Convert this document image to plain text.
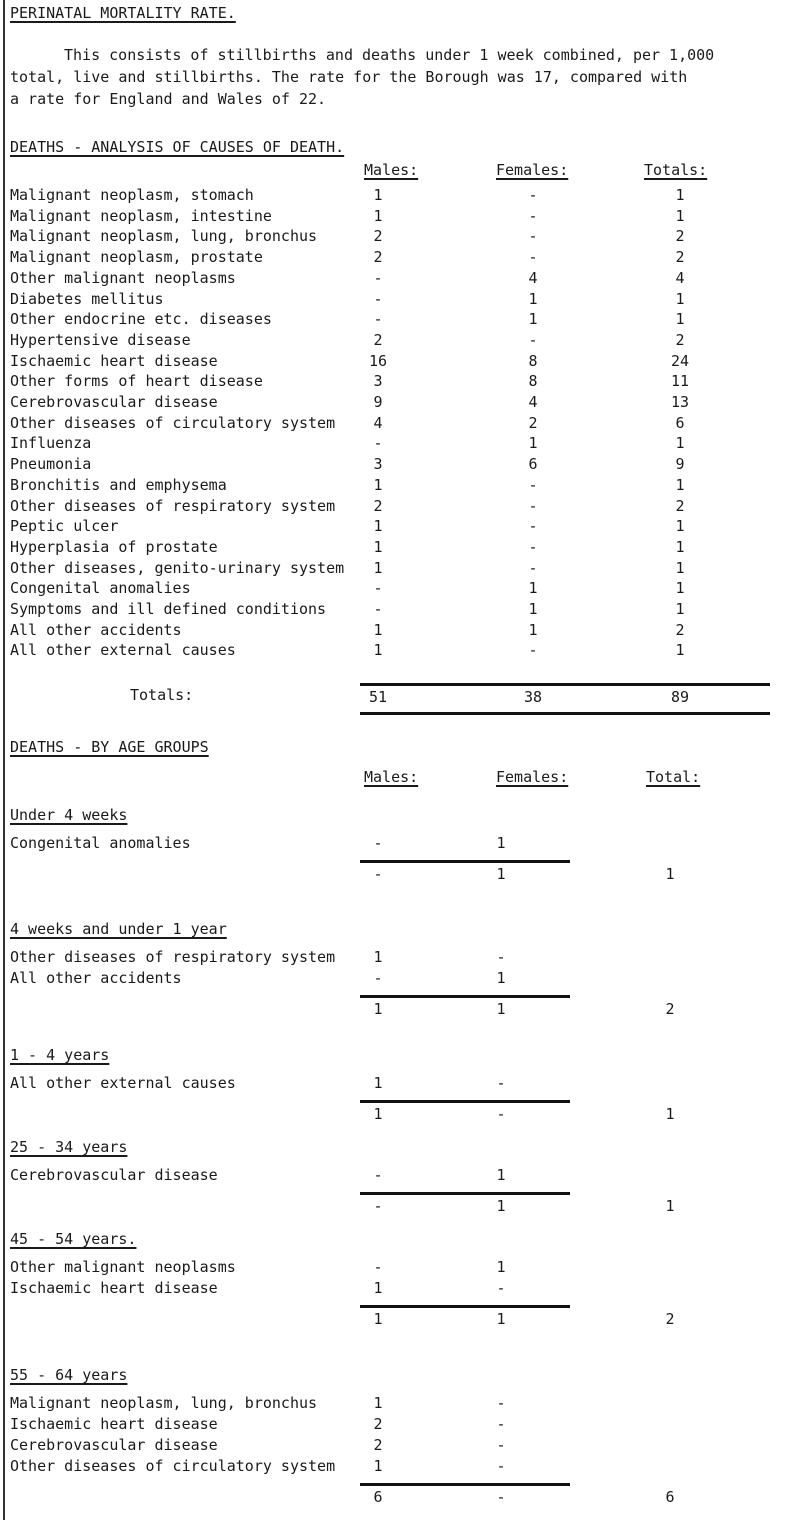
PERINATAL MORTALITY RATE.
This consists of stillbirths and deaths under 1 week combined, per 1,000
total, live and stillbirths. The rate for the Borough was 17, compared with
a rate for England and Wales of 22.
DEATHS - ANALYSIS OF CAUSES OF DEATH.
Males:	Females:	Totals:
Malignant neoplasm, stomach	1	-	1
Malignant neoplasm, intestine	1	-	1
Malignant neoplasm, lung, bronchus	2	-	2
Malignant neoplasm, prostate	2	-	2
Other malignant neoplasms	-	4	4
Diabetes mellitus	-	1	1
Other endocrine etc. diseases	-	1	1
Hypertensive disease	2	-	2
Ischaemic heart disease	16	8	24
Other forms of heart disease	3	8	11
Cerebrovascular disease	9	4	13
Other diseases of circulatory system	4	2	6
Influenza	-	1	1
Pneumonia	3	6	9
Bronchitis and emphysema	1	-	1
Other diseases of respiratory system	2	-	2
Peptic ulcer	1	-	1
Hyperplasia of prostate	1	-	1
Other diseases, genito-urinary system	1	-	1
Congenital anomalies	-	1	1
Symptoms and ill defined conditions	-	1	1
All other accidents	1	1	2
All other external causes	1	-	1
Totals:	51	38	89
DEATHS - BY AGE GROUPS
Males:	Females:	Total:
Under 4 weeks
Congenital anomalies	-	1
-	1	1
4 weeks and under 1 year
Other diseases of respiratory system	1	-
All other accidents	-	1
1	1	2
1 - 4 years
All other external causes	1	-
1	-	1
25 - 34 years
Cerebrovascular disease	-	1
-	1	1
45 - 54 years.
Other malignant neoplasms	-	1
Ischaemic heart disease	1	-
1	1	2
55 - 64 years
Malignant neoplasm, lung, bronchus	1	-
Ischaemic heart disease	2	-
Cerebrovascular disease	2	-
Other diseases of circulatory system	1	-
6	-	6
